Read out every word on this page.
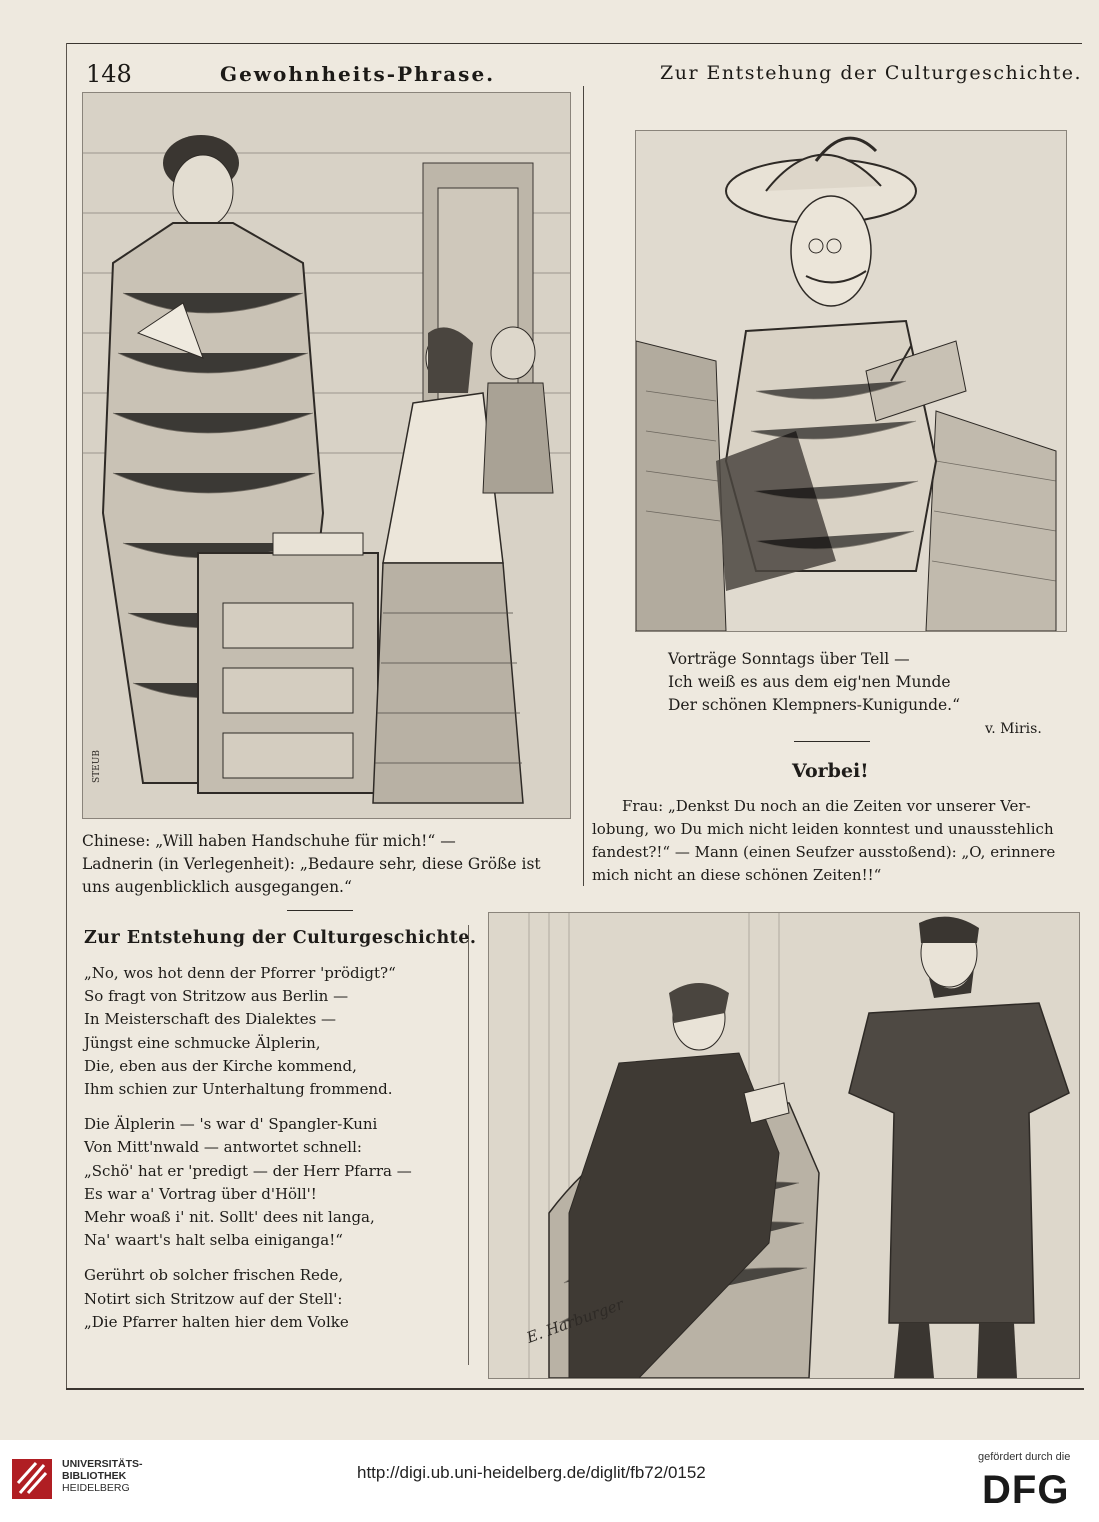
148	Gewohnheits-Phrase.	Zur Entstehung der Culturgeschichte.
STEUB
E. Harburger
Chinese: „Will haben Handschuhe für mich!“ —
Ladnerin (in Verlegenheit): „Bedaure sehr, diese Größe ist
uns augenblicklich ausgegangen.“
Vorträge Sonntags über Tell —
Ich weiß es aus dem eig'nen Munde
Der schönen Klempners-Kunigunde.“
v. Miris.
Vorbei!
Frau: „Denkst Du noch an die Zeiten vor unserer Ver-
lobung, wo Du mich nicht leiden konntest und unausstehlich
fandest?!“ — Mann (einen Seufzer ausstoßend): „O, erinnere
mich nicht an diese schönen Zeiten!!“
Zur Entstehung der Culturgeschichte.
„No, wos hot denn der Pforrer 'prödigt?“
So fragt von Stritzow aus Berlin —
In Meisterschaft des Dialektes —
Jüngst eine schmucke Älplerin,
Die, eben aus der Kirche kommend,
Ihm schien zur Unterhaltung frommend.
Die Älplerin — 's war d' Spangler-Kuni
Von Mitt'nwald — antwortet schnell:
„Schö' hat er 'predigt — der Herr Pfarra —
Es war a' Vortrag über d'Höll'!
Mehr woaß i' nit. Sollt' dees nit langa,
Na' waart's halt selba einiganga!“
Gerührt ob solcher frischen Rede,
Notirt sich Stritzow auf der Stell':
„Die Pfarrer halten hier dem Volke
UNIVERSITÄTS-
BIBLIOTHEK
HEIDELBERG
http://digi.ub.uni-heidelberg.de/diglit/fb72/0152
gefördert durch die
DFG
